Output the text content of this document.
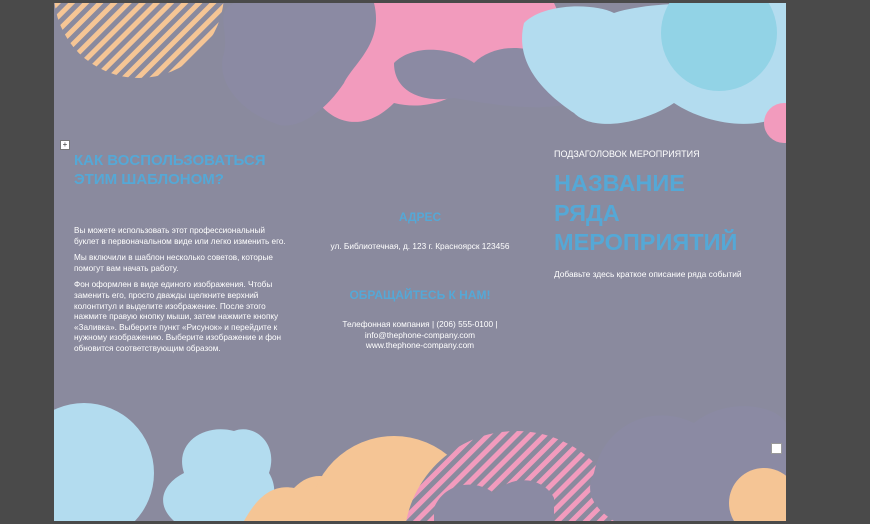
КАК ВОСПОЛЬЗОВАТЬСЯ ЭТИМ ШАБЛОНОМ?

Вы можете использовать этот профессиональный буклет в первоначальном виде или легко изменить его.

Мы включили в шаблон несколько советов, которые помогут вам начать работу.

Фон оформлен в виде единого изображения. Чтобы заменить его, просто дважды щелкните верхний колонтитул и выделите изображение. После этого нажмите правую кнопку мыши, затем нажмите кнопку «Заливка». Выберите пункт «Рисунок» и перейдите к нужному изображению. Выберите изображение и фон обновится соответствующим образом.

АДРЕС
ул. Библиотечная, д. 123 г. Красноярск 123456
ОБРАЩАЙТЕСЬ К НАМ!
Телефонная компания | (206) 555-0100 |
info@thephone-company.com
www.thephone-company.com
ПОДЗАГОЛОВОК МЕРОПРИЯТИЯ
НАЗВАНИЕ
РЯДА
МЕРОПРИЯТИЙ
Добавьте здесь краткое описание ряда событий
+
